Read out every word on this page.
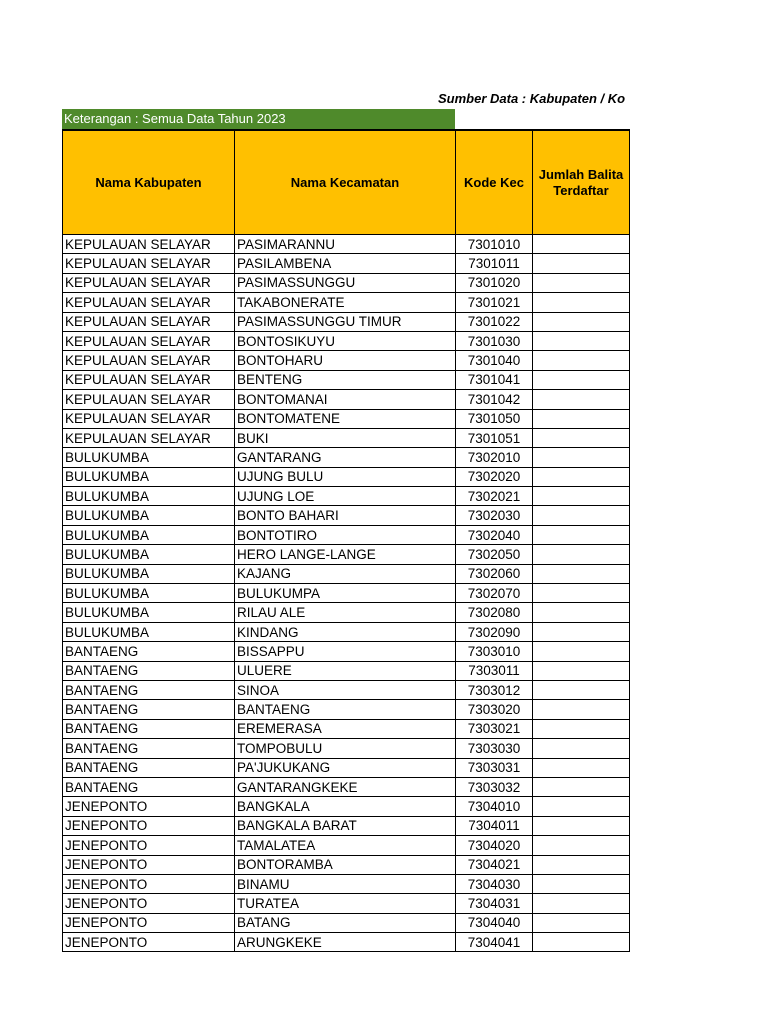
Sumber Data : Kabupaten / Ko
Keterangan : Semua Data Tahun 2023
Nama Kabupaten	Nama Kecamatan	Kode Kec	Jumlah Balita Terdaftar
KEPULAUAN SELAYAR	PASIMARANNU	7301010	
KEPULAUAN SELAYAR	PASILAMBENA	7301011	
KEPULAUAN SELAYAR	PASIMASSUNGGU	7301020	
KEPULAUAN SELAYAR	TAKABONERATE	7301021	
KEPULAUAN SELAYAR	PASIMASSUNGGU TIMUR	7301022	
KEPULAUAN SELAYAR	BONTOSIKUYU	7301030	
KEPULAUAN SELAYAR	BONTOHARU	7301040	
KEPULAUAN SELAYAR	BENTENG	7301041	
KEPULAUAN SELAYAR	BONTOMANAI	7301042	
KEPULAUAN SELAYAR	BONTOMATENE	7301050	
KEPULAUAN SELAYAR	BUKI	7301051	
BULUKUMBA	GANTARANG	7302010	
BULUKUMBA	UJUNG BULU	7302020	
BULUKUMBA	UJUNG LOE	7302021	
BULUKUMBA	BONTO BAHARI	7302030	
BULUKUMBA	BONTOTIRO	7302040	
BULUKUMBA	HERO LANGE-LANGE	7302050	
BULUKUMBA	KAJANG	7302060	
BULUKUMBA	BULUKUMPA	7302070	
BULUKUMBA	RILAU ALE	7302080	
BULUKUMBA	KINDANG	7302090	
BANTAENG	BISSAPPU	7303010	
BANTAENG	ULUERE	7303011	
BANTAENG	SINOA	7303012	
BANTAENG	BANTAENG	7303020	
BANTAENG	EREMERASA	7303021	
BANTAENG	TOMPOBULU	7303030	
BANTAENG	PA'JUKUKANG	7303031	
BANTAENG	GANTARANGKEKE	7303032	
JENEPONTO	BANGKALA	7304010	
JENEPONTO	BANGKALA BARAT	7304011	
JENEPONTO	TAMALATEA	7304020	
JENEPONTO	BONTORAMBA	7304021	
JENEPONTO	BINAMU	7304030	
JENEPONTO	TURATEA	7304031	
JENEPONTO	BATANG	7304040	
JENEPONTO	ARUNGKEKE	7304041	
